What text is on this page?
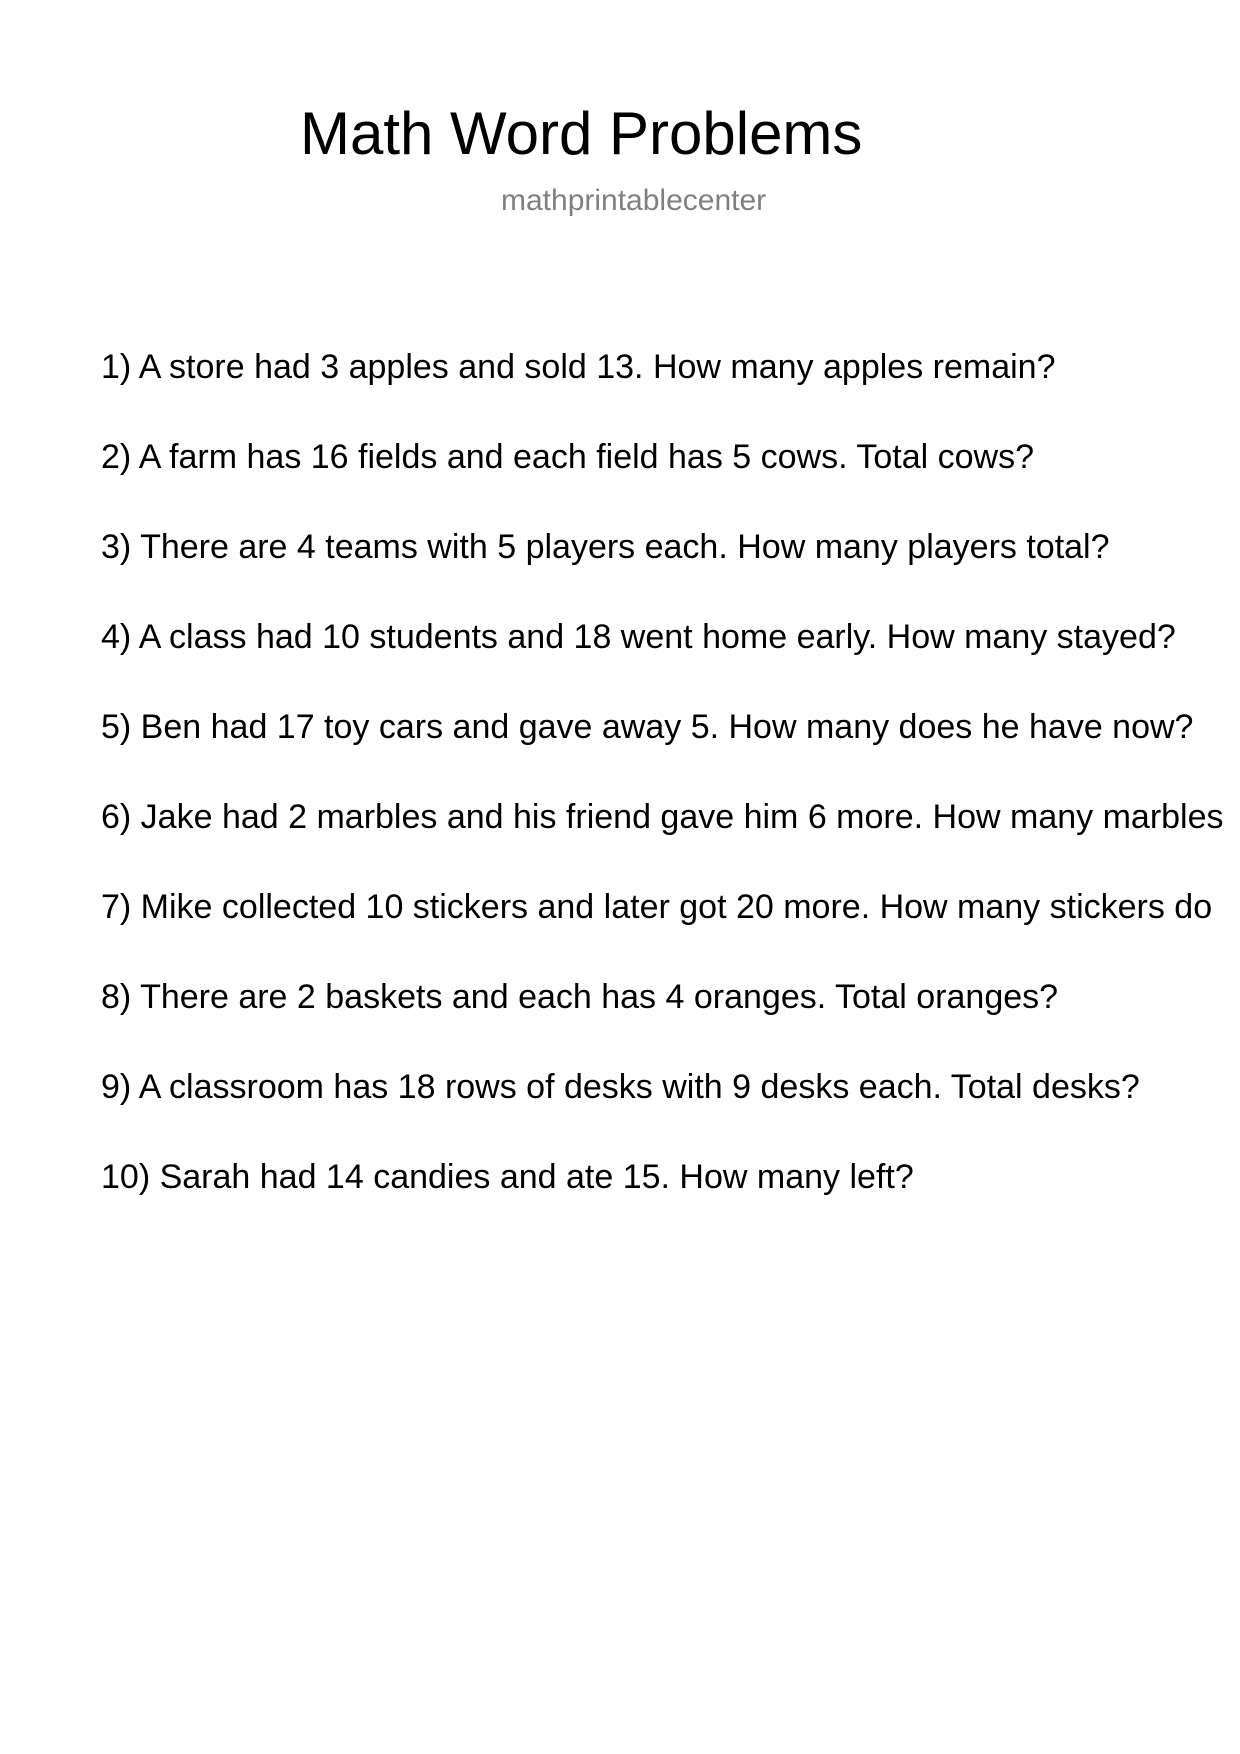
Math Word Problems
mathprintablecenter
1) A store had 3 apples and sold 13. How many apples remain?
2) A farm has 16 fields and each field has 5 cows. Total cows?
3) There are 4 teams with 5 players each. How many players total?
4) A class had 10 students and 18 went home early. How many stayed?
5) Ben had 17 toy cars and gave away 5. How many does he have now?
6) Jake had 2 marbles and his friend gave him 6 more. How many marbles
7) Mike collected 10 stickers and later got 20 more. How many stickers do
8) There are 2 baskets and each has 4 oranges. Total oranges?
9) A classroom has 18 rows of desks with 9 desks each. Total desks?
10) Sarah had 14 candies and ate 15. How many left?
